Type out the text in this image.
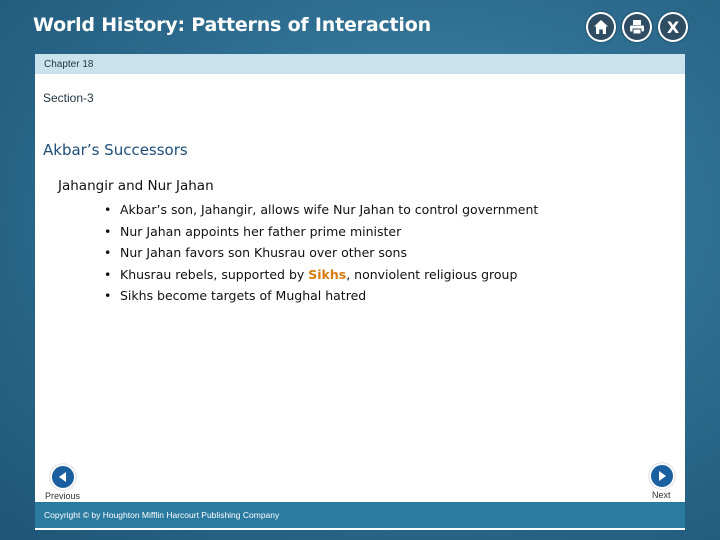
World History: Patterns of Interaction	X
Chapter 18
Section-3
Akbar’s Successors
Jahangir and Nur Jahan
• Akbar’s son, Jahangir, allows wife Nur Jahan to control government
• Nur Jahan appoints her father prime minister
• Nur Jahan favors son Khusrau over other sons
• Khusrau rebels, supported by Sikhs, nonviolent religious group
• Sikhs become targets of Mughal hatred
Previous	Next
Copyright © by Houghton Mifflin Harcourt Publishing Company
